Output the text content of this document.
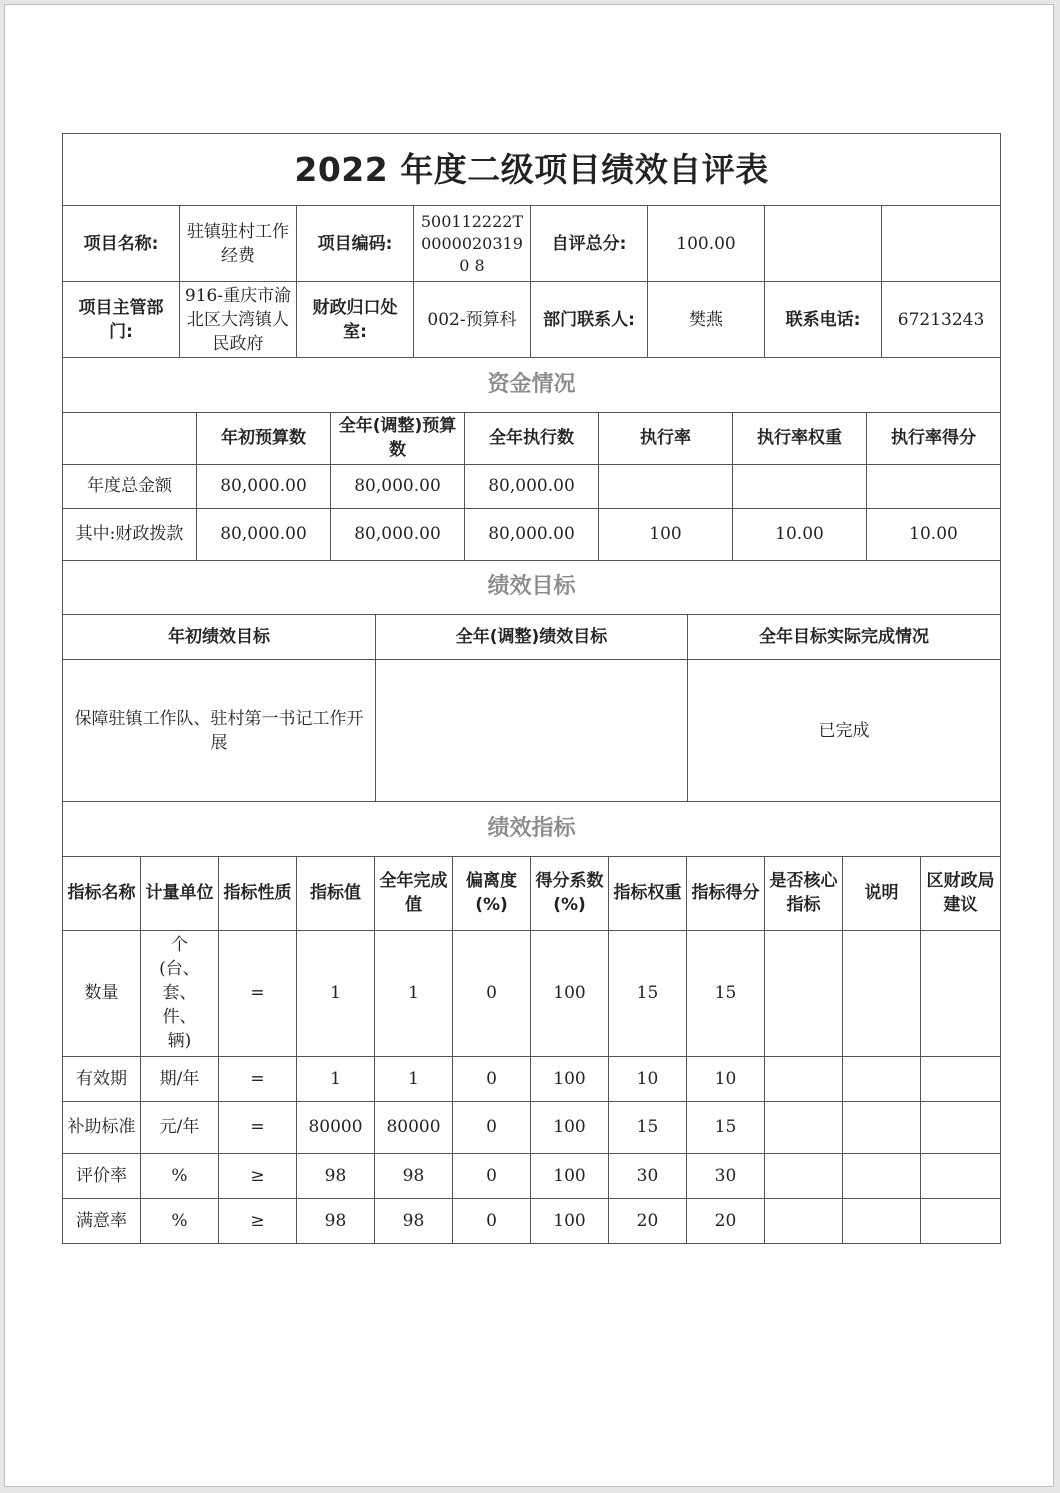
2022 年度二级项目绩效自评表							
项目名称:	驻镇驻村工作经费	项目编码:	500112222T00000203190 8	自评总分:	100.00		
项目主管部门:	916-重庆市渝北区大湾镇人民政府	财政归口处室:	002-预算科	部门联系人:	樊燕	联系电话:	67213243
资金情况						
	年初预算数	全年(调整)预算数	全年执行数	执行率	执行率权重	执行率得分
年度总金额	80,000.00	80,000.00	80,000.00			
其中:财政拨款	80,000.00	80,000.00	80,000.00	100	10.00	10.00
绩效目标		
年初绩效目标	全年(调整)绩效目标	全年目标实际完成情况
保障驻镇工作队、驻村第一书记工作开展		已完成
绩效指标											
指标名称	计量单位	指标性质	指标值	全年完成值	偏离度(%)	得分系数(%)	指标权重	指标得分	是否核心指标	说明	区财政局建议
数量	个(台、套、件、辆)	=	1	1	0	100	15	15			
有效期	期/年	=	1	1	0	100	10	10			
补助标准	元/年	=	80000	80000	0	100	15	15			
评价率	%	≥	98	98	0	100	30	30			
满意率	%	≥	98	98	0	100	20	20			
